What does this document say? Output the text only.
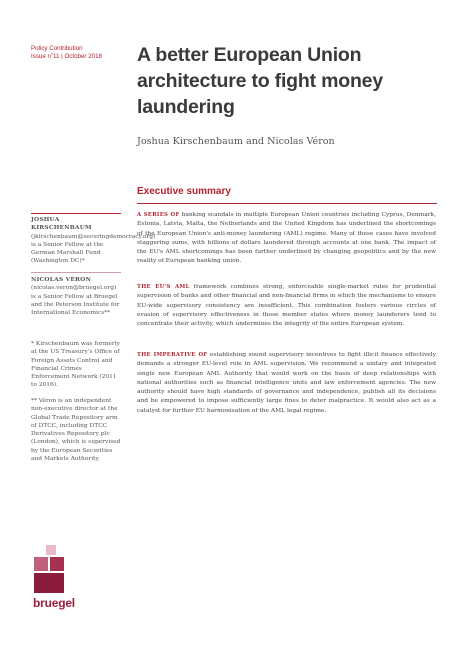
Policy Contribution
Issue n˚11 | October 2018	A better European Union architecture to fight money laundering
Joshua Kirschenbaum and Nicolas Véron
Executive summary
JOSHUA KIRSCHENBAUM
(jkirschenbaum@securingdemocracy.org) is a Senior Fellow at the German Marshall Fund (Washington DC)*
NICOLAS VÉRON (nicolas.veron@bruegel.org) is a Senior Fellow at Bruegel and the Peterson Institute for International Economics**
* Kirschenbaum was formerly at the US Treasury's Office of Foreign Assets Control and Financial Crimes Enforcement Network (2011 to 2016).
** Véron is an independent non-executive director at the Global Trade Repository arm of DTCC, including DTCC Derivatives Repository plc (London), which is supervised by the European Securities and Markets Authority.
A SERIES OF banking scandals in multiple European Union countries including Cyprus, Denmark, Estonia, Latvia, Malta, the Netherlands and the United Kingdom has underlined the shortcomings of the European Union's anti-money laundering (AML) regime. Many of these cases have involved staggering sums, with billions of dollars laundered through accounts at one bank. The impact of the EU's AML shortcomings has been further underlined by changing geopolitics and by the new reality of European banking union.
THE EU'S AML framework combines strong, enforceable single-market rules for prudential supervision of banks and other financial and non-financial firms in which the mechanisms to ensure EU-wide supervisory consistency are insufficient. This combination fosters various circles of evasion of supervisory effectiveness in those member states where money launderers tend to concentrate their activity, which undermines the integrity of the entire European system.
THE IMPERATIVE OF establishing sound supervisory incentives to fight illicit finance effectively demands a stronger EU-level role in AML supervision. We recommend a unitary and integrated single new European AML Authority that would work on the basis of deep relationships with national authorities such as financial intelligence units and law enforcement agencies. The new authority should have high standards of governance and independence, publish all its decisions and be empowered to impose sufficiently large fines to deter malpractice. It would also act as a catalyst for further EU harmonisation of the AML legal regime.
bruegel
